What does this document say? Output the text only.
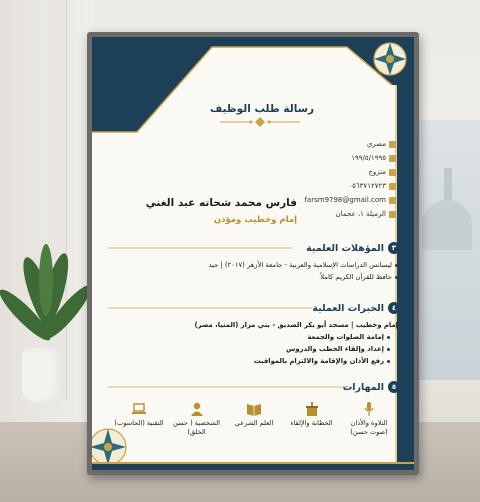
رسالة طلب الوظيف
مصري
١٩٩/٥/١٩٩٥
متزوج
٠٥٦٣٧١٢٧٢٣
farsm9798@gmail.com
الرميلة ١، عجمان
فارس محمد شحاته عبد الغني
إمام وخطيب ومؤذن
٣
المؤهلات العلمية
ليسانس الدراسات الإسلامية والعربية - جامعة الأزهر (٢٠١٧) | جيد
حافظ للقرآن الكريم كاملاً
٤
الخبرات العملية
إمام وخطيب | مسجد أبو بكر الصديق - بني مزار (المنيا، مصر)
إمامة الصلوات والجمعة
إعداد وإلقاء الخطب والدروس
رفع الأذان والإقامة والالتزام بالمواقيت
٥
المهارات
التلاوة والأذان (صوت حسن)
الخطابة والإلقاء
العلم الشرعي
الشخصية ( حسن الخلق)
التقنية (الحاسوب)
